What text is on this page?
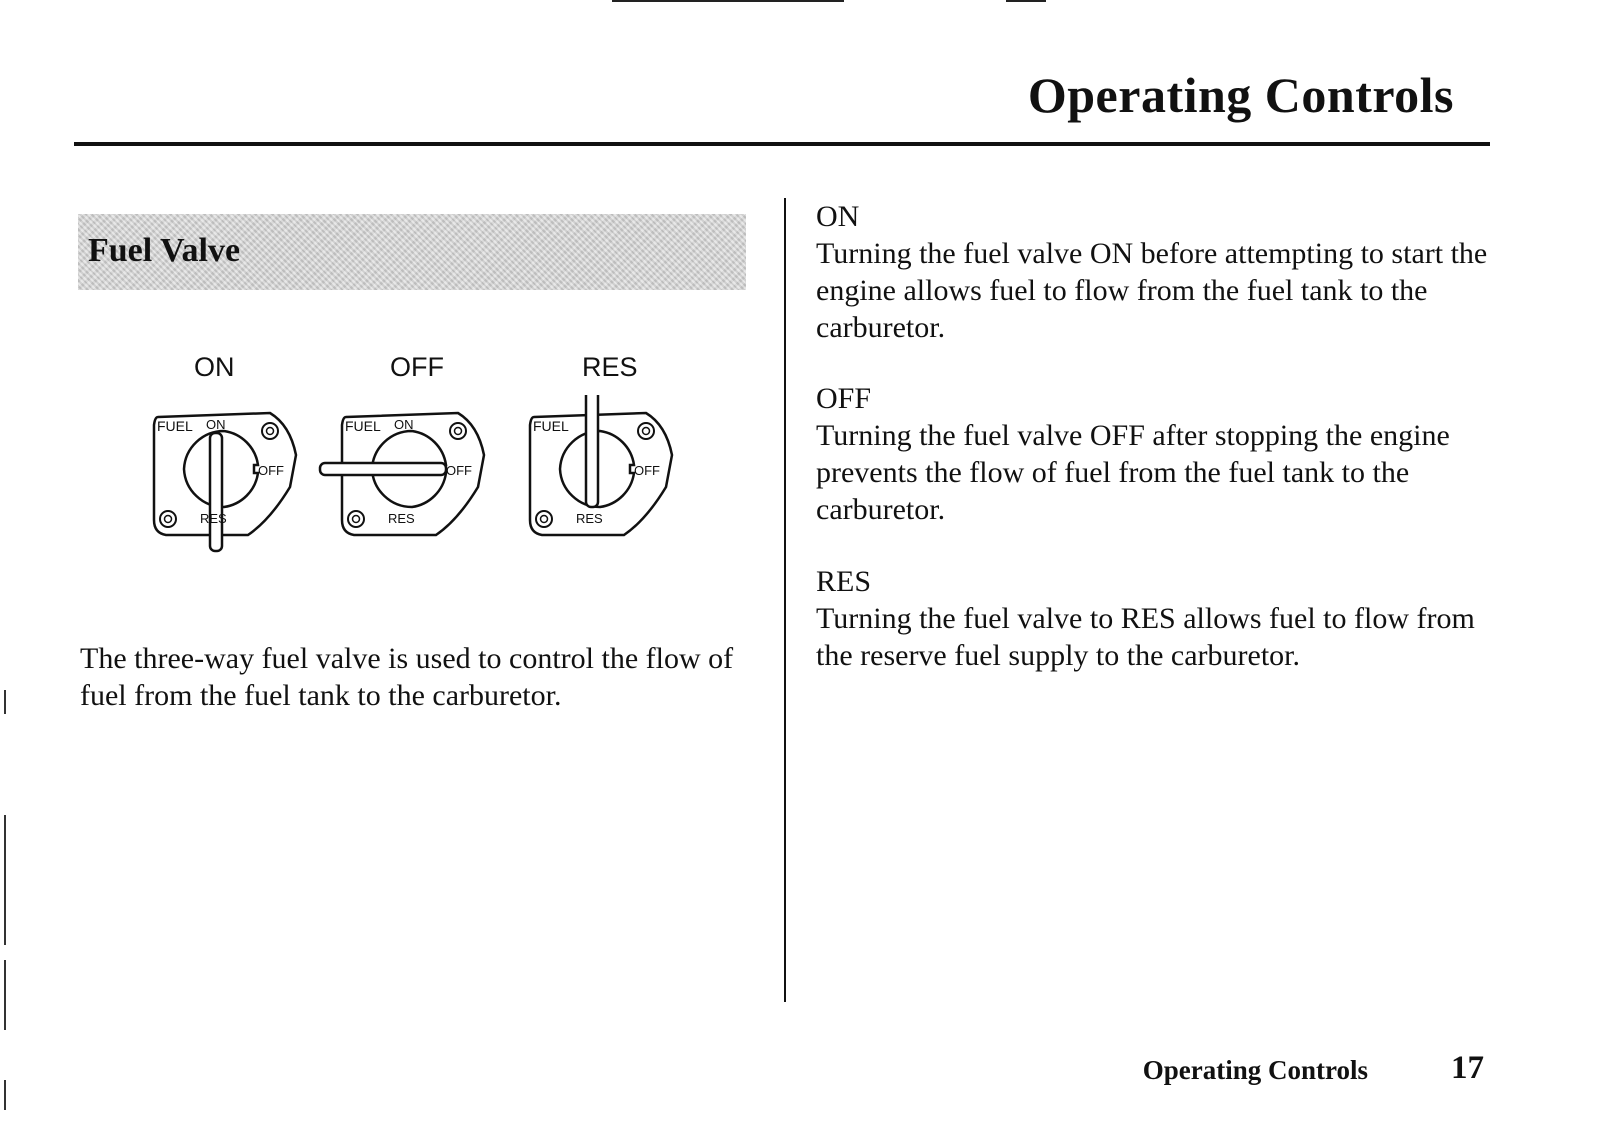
Operating Controls
Fuel Valve
ON	OFF	RES
FUEL ON
OFF
RES
FUEL ON
OFF
RES
FUEL
OFF
RES
The three-way fuel valve is used to control the flow of fuel from the fuel tank to the carburetor.
ON
Turning the fuel valve ON before attempting to start the engine allows fuel to flow from the fuel tank to the carburetor.
OFF
Turning the fuel valve OFF after stopping the engine prevents the flow of fuel from the fuel tank to the carburetor.
RES
Turning the fuel valve to RES allows fuel to flow from the reserve fuel supply to the carburetor.
Operating Controls	17
